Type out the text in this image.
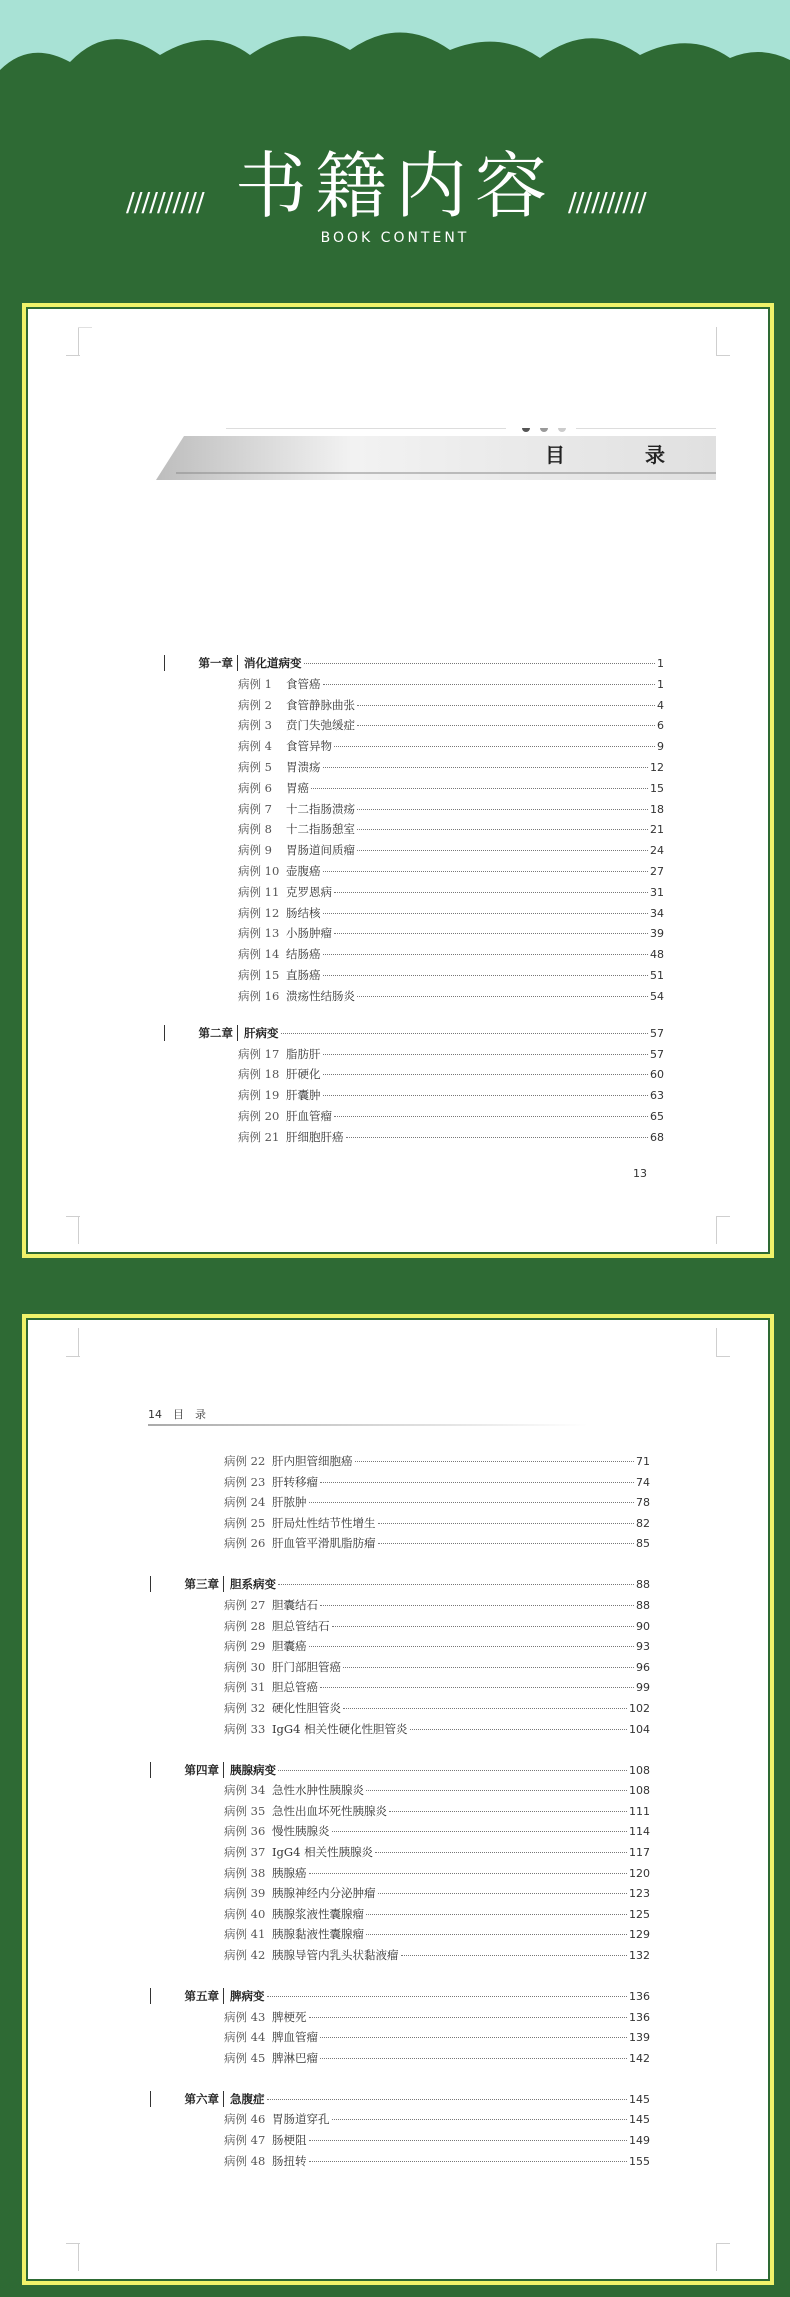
//////////	//////////
书籍内容
BOOK CONTENT
目　录
第一章 消化道病变	1
病例 1	食管癌	1
病例 2	食管静脉曲张	4
病例 3	贲门失弛缓症	6
病例 4	食管异物	9
病例 5	胃溃疡	12
病例 6	胃癌	15
病例 7	十二指肠溃疡	18
病例 8	十二指肠憩室	21
病例 9	胃肠道间质瘤	24
病例 10 壶腹癌	27
病例 11 克罗恩病	31
病例 12 肠结核	34
病例 13 小肠肿瘤	39
病例 14 结肠癌	48
病例 15 直肠癌	51
病例 16 溃疡性结肠炎	54
第二章 肝病变	57
病例 17 脂肪肝	57
病例 18 肝硬化	60
病例 19 肝囊肿	63
病例 20 肝血管瘤	65
病例 21 肝细胞肝癌	68
13
14　目　录
病例 22 肝内胆管细胞癌	71
病例 23 肝转移瘤	74
病例 24 肝脓肿	78
病例 25 肝局灶性结节性增生	82
病例 26 肝血管平滑肌脂肪瘤	85
第三章 胆系病变	88
病例 27 胆囊结石	88
病例 28 胆总管结石	90
病例 29 胆囊癌	93
病例 30 肝门部胆管癌	96
病例 31 胆总管癌	99
病例 32 硬化性胆管炎	102
病例 33 IgG4 相关性硬化性胆管炎	104
第四章 胰腺病变	108
病例 34 急性水肿性胰腺炎	108
病例 35 急性出血坏死性胰腺炎	111
病例 36 慢性胰腺炎	114
病例 37 IgG4 相关性胰腺炎	117
病例 38 胰腺癌	120
病例 39 胰腺神经内分泌肿瘤	123
病例 40 胰腺浆液性囊腺瘤	125
病例 41 胰腺黏液性囊腺瘤	129
病例 42 胰腺导管内乳头状黏液瘤	132
第五章 脾病变	136
病例 43 脾梗死	136
病例 44 脾血管瘤	139
病例 45 脾淋巴瘤	142
第六章 急腹症	145
病例 46 胃肠道穿孔	145
病例 47 肠梗阻	149
病例 48 肠扭转	155
